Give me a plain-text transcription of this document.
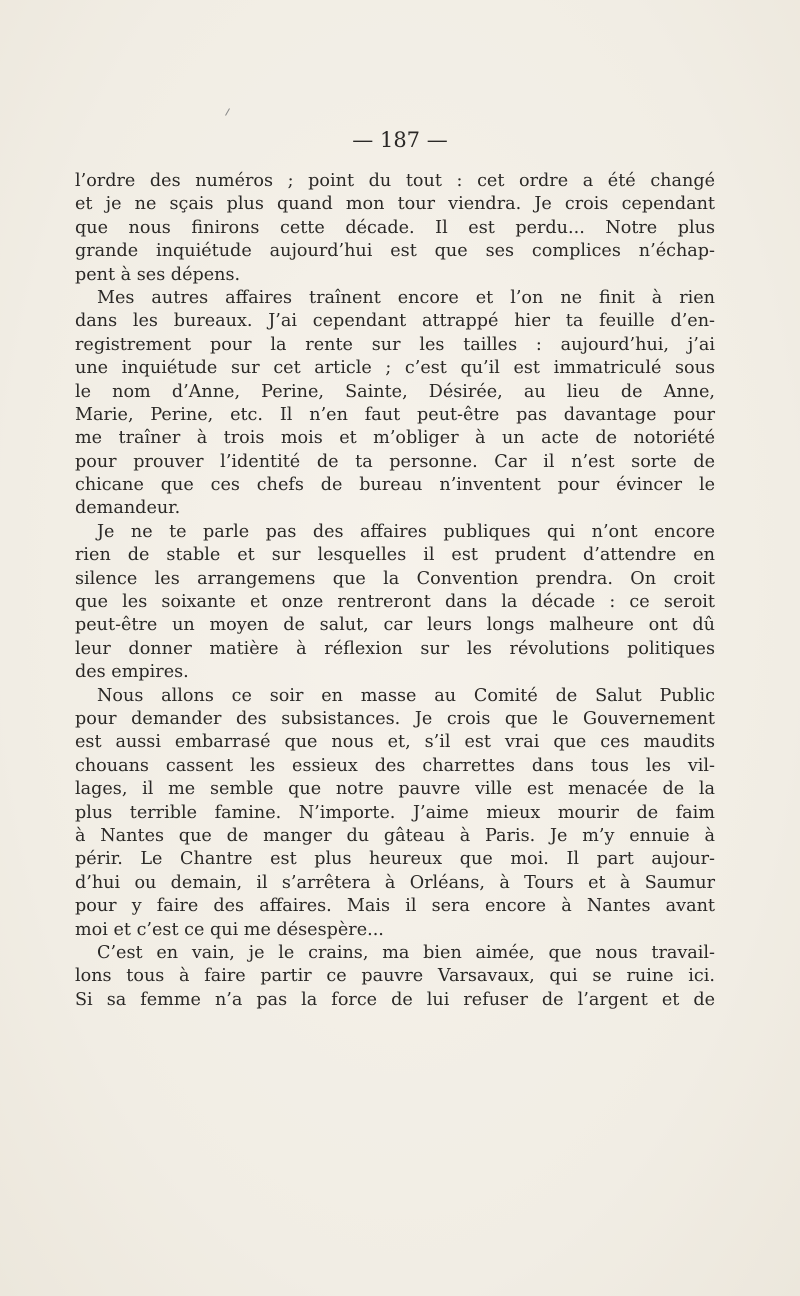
— 187 —
l’ordre des numéros ; point du tout : cet ordre a été changé
et je ne sçais plus quand mon tour viendra. Je crois cependant
que nous finirons cette décade. Il est perdu... Notre plus
grande inquiétude aujourd’hui est que ses complices n’échap-
pent à ses dépens.
Mes autres affaires traînent encore et l’on ne finit à rien
dans les bureaux. J’ai cependant attrappé hier ta feuille d’en-
registrement pour la rente sur les tailles : aujourd’hui, j’ai
une inquiétude sur cet article ; c’est qu’il est immatriculé sous
le nom d’Anne, Perine, Sainte, Désirée, au lieu de Anne,
Marie, Perine, etc. Il n’en faut peut-être pas davantage pour
me traîner à trois mois et m’obliger à un acte de notoriété
pour prouver l’identité de ta personne. Car il n’est sorte de
chicane que ces chefs de bureau n’inventent pour évincer le
demandeur.
Je ne te parle pas des affaires publiques qui n’ont encore
rien de stable et sur lesquelles il est prudent d’attendre en
silence les arrangemens que la Convention prendra. On croit
que les soixante et onze rentreront dans la décade : ce seroit
peut-être un moyen de salut, car leurs longs malheure ont dû
leur donner matière à réflexion sur les révolutions politiques
des empires.
Nous allons ce soir en masse au Comité de Salut Public
pour demander des subsistances. Je crois que le Gouvernement
est aussi embarrasé que nous et, s’il est vrai que ces maudits
chouans cassent les essieux des charrettes dans tous les vil-
lages, il me semble que notre pauvre ville est menacée de la
plus terrible famine. N’importe. J’aime mieux mourir de faim
à Nantes que de manger du gâteau à Paris. Je m’y ennuie à
périr. Le Chantre est plus heureux que moi. Il part aujour-
d’hui ou demain, il s’arrêtera à Orléans, à Tours et à Saumur
pour y faire des affaires. Mais il sera encore à Nantes avant
moi et c’est ce qui me désespère...
C’est en vain, je le crains, ma bien aimée, que nous travail-
lons tous à faire partir ce pauvre Varsavaux, qui se ruine ici.
Si sa femme n’a pas la force de lui refuser de l’argent et de
